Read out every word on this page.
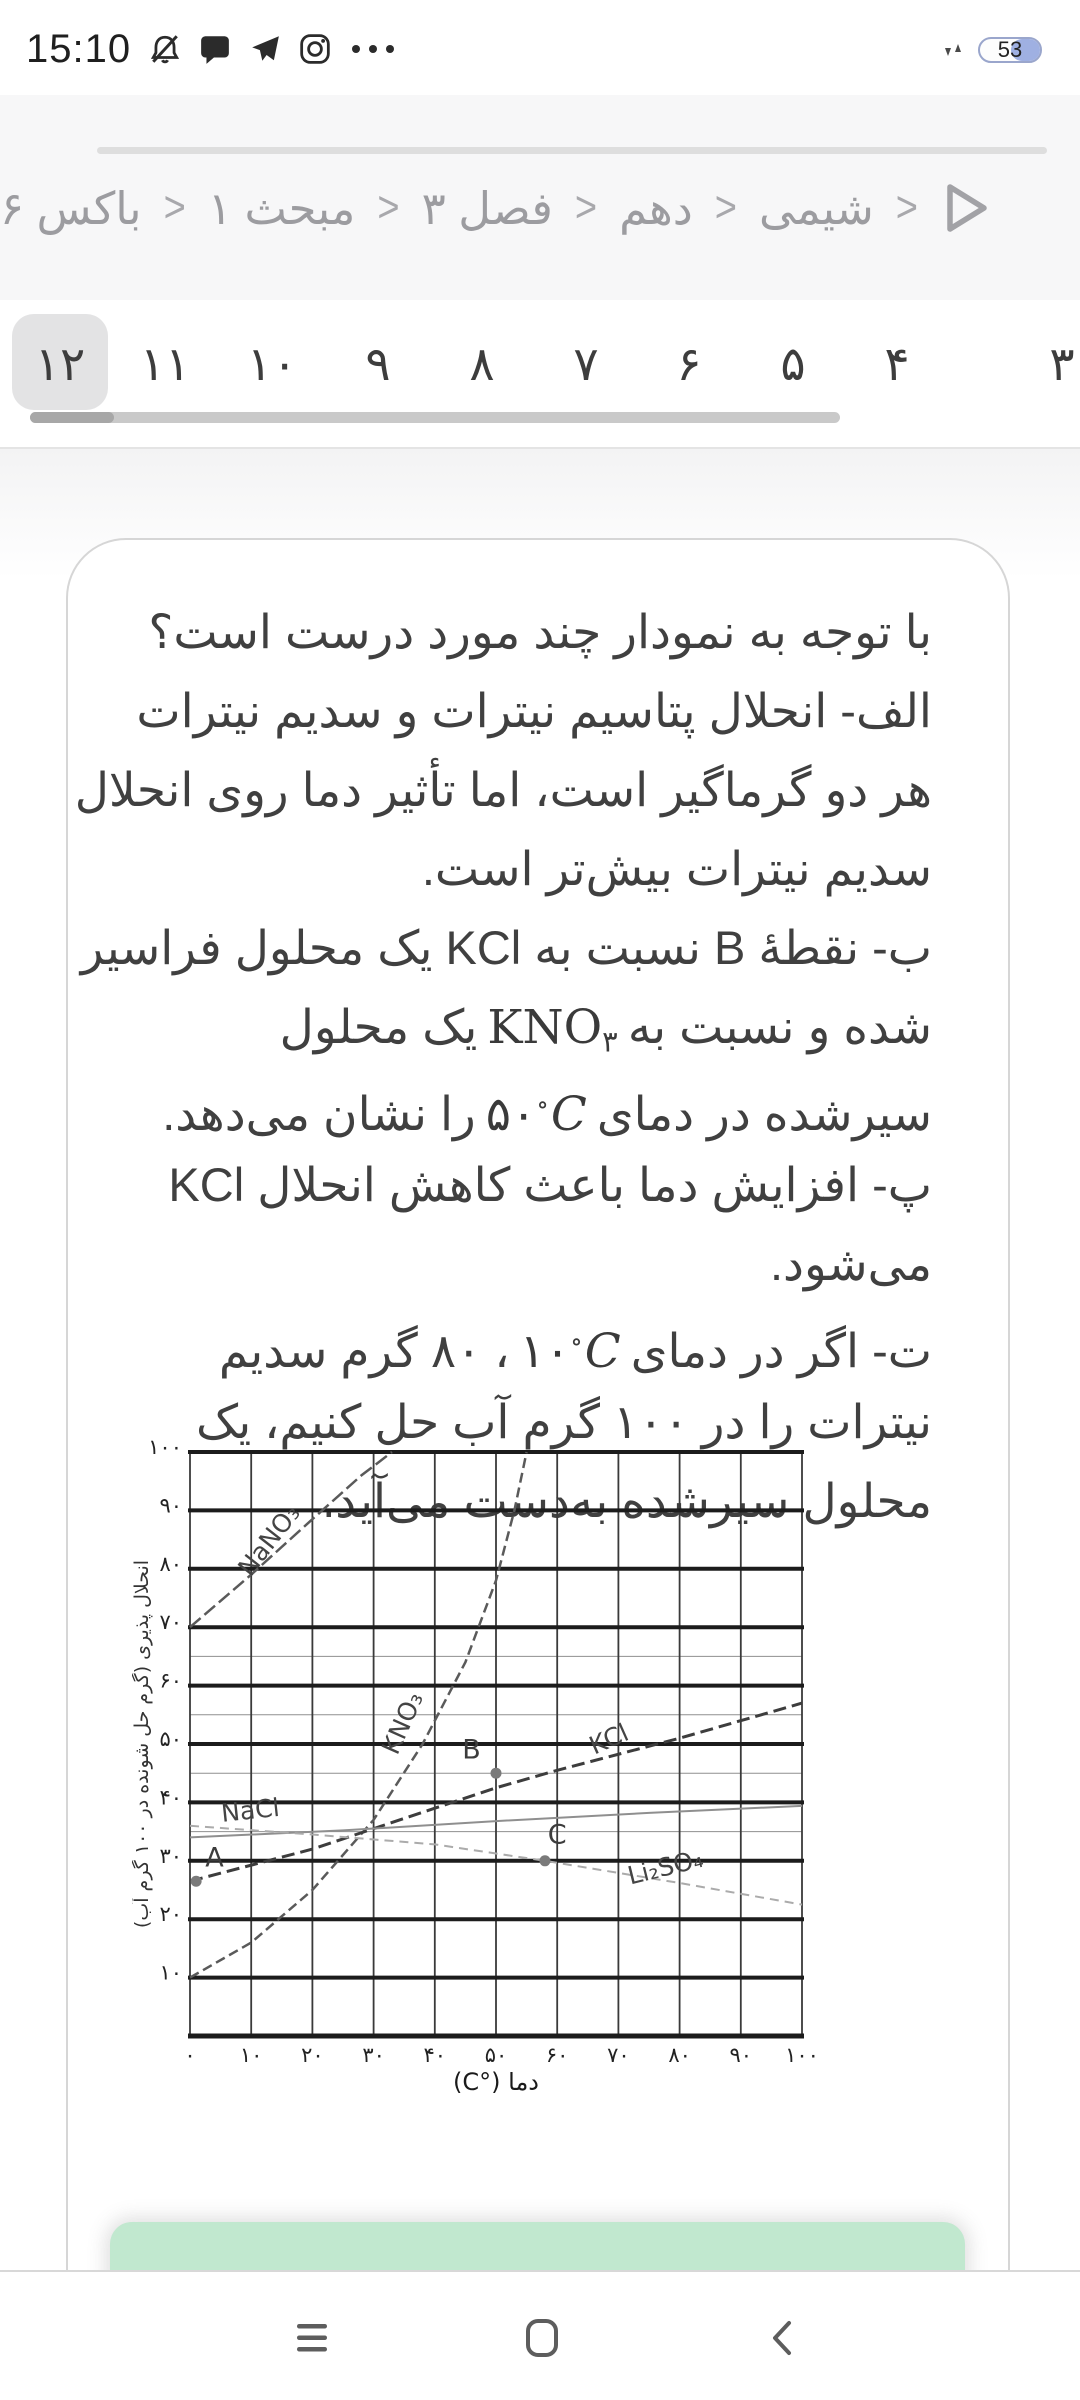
15:10	53
<
شیمی
<
دهم
<
فصل ۳
<
مبحث ۱
<
باکس ۶
۱۲	۱۱	۱۰	۹	۸	۷	۶	۵	۴	۳
با توجه به نمودار چند مورد درست است؟
الف- انحلال پتاسیم نیترات و سدیم نیترات
هر دو گرماگیر است، اما تأثیر دما روی انحلال
سدیم نیترات بیش‌تر است.
ب- نقطهٔ B نسبت به KCl یک محلول فراسیر
شده و نسبت بهKNO۳یک محلول
سیرشده در دمای۵۰∘Cرا نشان می‌دهد.
پ- افزایش دما باعث کاهش انحلال KCl
می‌شود.
ت- اگر در دمای۱۰∘C، ۸۰ گرم سدیم
نیترات را در ۱۰۰ گرم آب حل کنیم، یک
محلول سیرشده به‌دست می‌آید.
۱۰
۲۰
۳۰
۴۰
۵۰
۶۰
۷۰
۸۰
۹۰
۱۰۰
۰ ۱۰ ۲۰ ۳۰ ۴۰ ۵۰ ۶۰ ۷۰ ۸۰ ۹۰ ۱۰۰
NaNO₃
KNO₃	KCl
NaCl
Li₂SO₄
A
B
C
دما (°C)
انحلال پذیری (گرم حل شونده در ۱۰۰ گرم آب)
